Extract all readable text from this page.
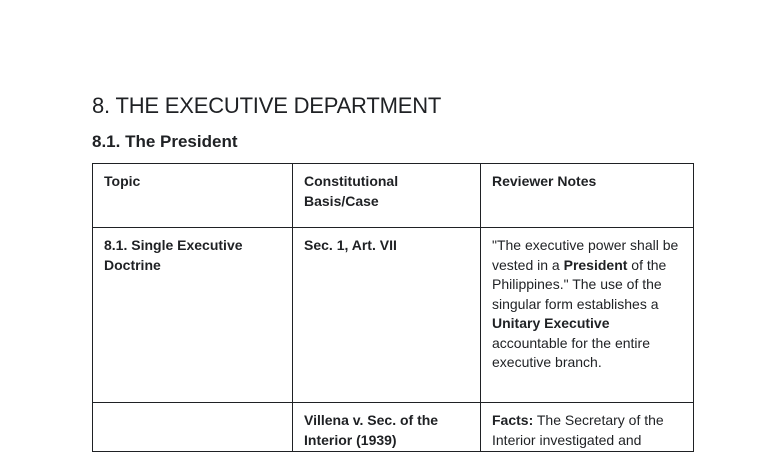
8. THE EXECUTIVE DEPARTMENT
8.1. The President
Topic	Constitutional Basis/Case	Reviewer Notes
8.1. Single Executive Doctrine	Sec. 1, Art. VII	"The executive power shall be vested in a President of the Philippines." The use of the singular form establishes a Unitary Executive accountable for the entire executive branch.
	Villena v. Sec. of the Interior (1939)	Facts: The Secretary of the Interior investigated and
